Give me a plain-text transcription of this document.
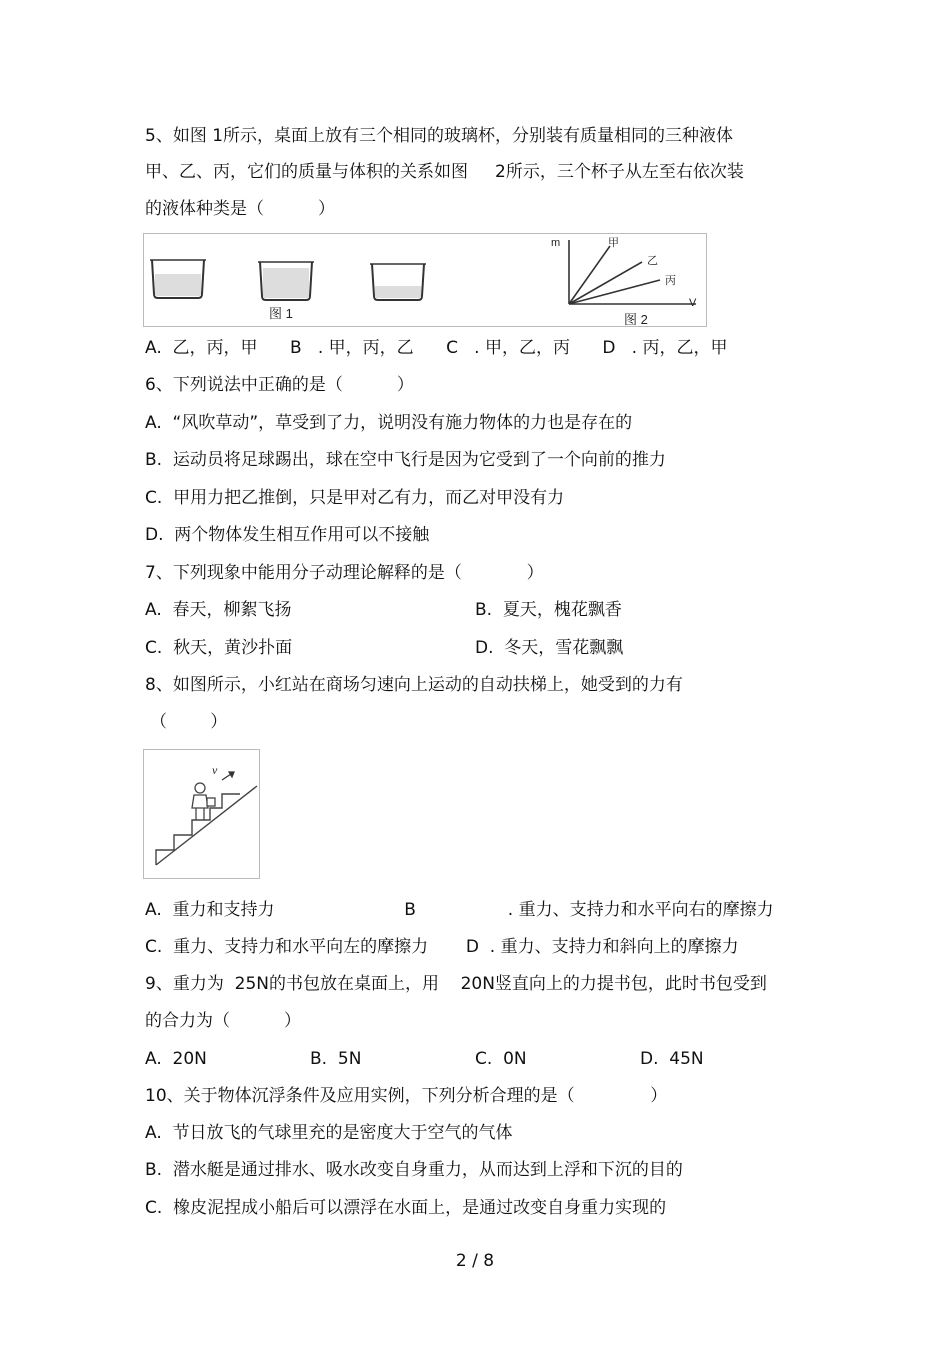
5、如图 1所示，桌面上放有三个相同的玻璃杯，分别装有质量相同的三种液体
甲、乙、丙，它们的质量与体积的关系如图     2所示，三个杯子从左至右依次装
的液体种类是（          ）
图 1
m
V
甲
乙
丙
图 2
A.  乙，丙，甲      B   . 甲，丙，乙      C   . 甲，乙，丙      D   . 丙，乙，甲
6、下列说法中正确的是（          ）
A.  “风吹草动”，草受到了力，说明没有施力物体的力也是存在的
B.  运动员将足球踢出，球在空中飞行是因为它受到了一个向前的推力
C.  甲用力把乙推倒，只是甲对乙有力，而乙对甲没有力
D.  两个物体发生相互作用可以不接触
7、下列现象中能用分子动理论解释的是（            ）
A.  春天，柳絮飞扬	B.  夏天，槐花飘香
C.  秋天，黄沙扑面	D.  冬天，雪花飘飘
8、如图所示，小红站在商场匀速向上运动的自动扶梯上，她受到的力有
（        ）
v
A.  重力和支持力                        B                 . 重力、支持力和水平向右的摩擦力
C.  重力、支持力和水平向左的摩擦力       D  . 重力、支持力和斜向上的摩擦力
9、重力为  25N的书包放在桌面上，用    20N竖直向上的力提书包，此时书包受到
的合力为（          ）
A.  20N	B.  5N	C.  0N	D.  45N
10、关于物体沉浮条件及应用实例，下列分析合理的是（              ）
A.  节日放飞的气球里充的是密度大于空气的气体
B.  潜水艇是通过排水、吸水改变自身重力，从而达到上浮和下沉的目的
C.  橡皮泥捏成小船后可以漂浮在水面上，是通过改变自身重力实现的
2 / 8
